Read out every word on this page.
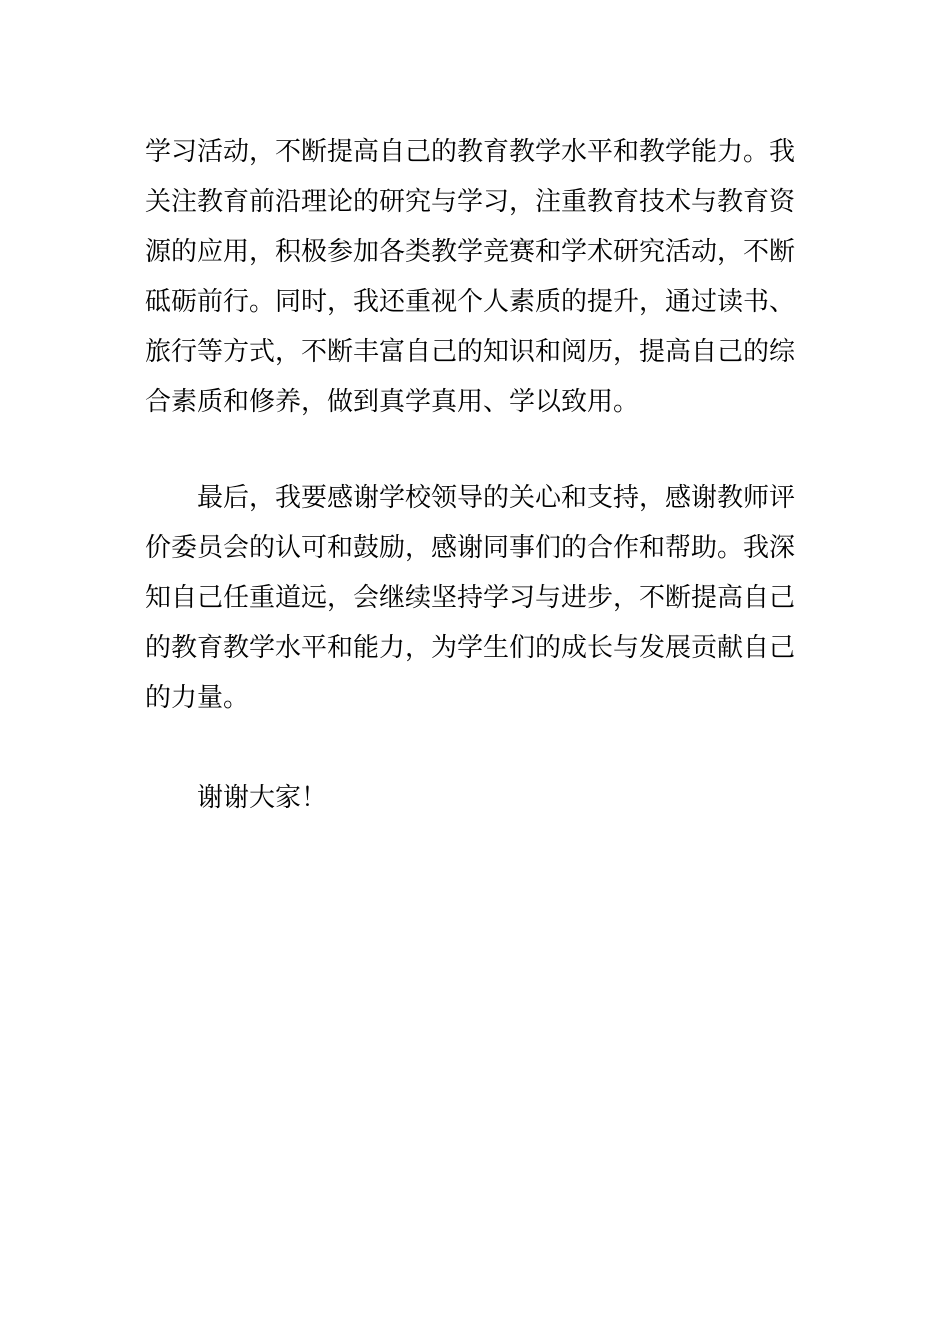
学习活动，不断提高自己的教育教学水平和教学能力。我
关注教育前沿理论的研究与学习，注重教育技术与教育资
源的应用，积极参加各类教学竞赛和学术研究活动，不断
砥砺前行。同时，我还重视个人素质的提升，通过读书、
旅行等方式，不断丰富自己的知识和阅历，提高自己的综
合素质和修养，做到真学真用、学以致用。
最后，我要感谢学校领导的关心和支持，感谢教师评
价委员会的认可和鼓励，感谢同事们的合作和帮助。我深
知自己任重道远，会继续坚持学习与进步，不断提高自己
的教育教学水平和能力，为学生们的成长与发展贡献自己
的力量。
谢谢大家！
